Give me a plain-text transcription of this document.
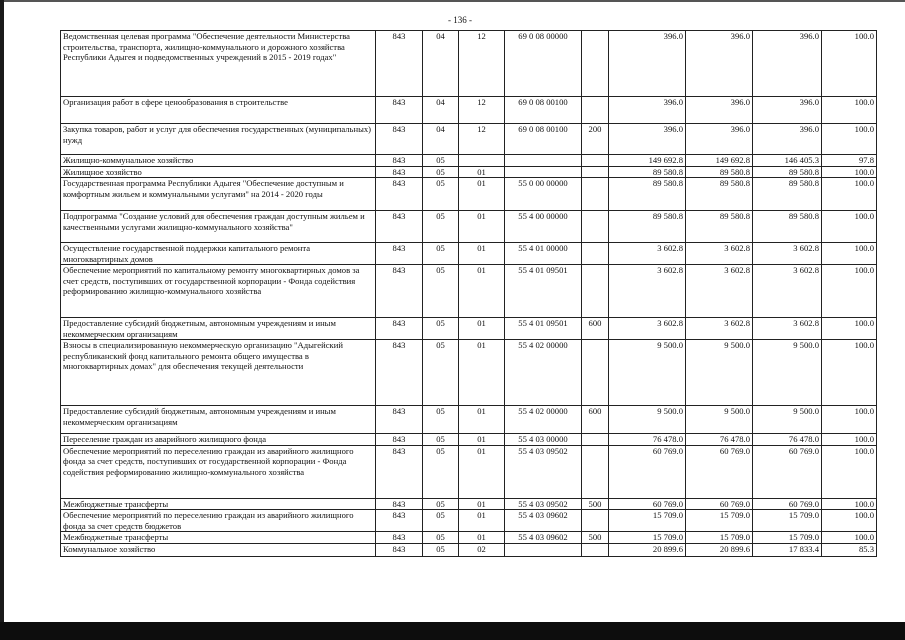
- 136 -
Ведомственная целевая программа "Обеспечение деятельности Министерства строительства, транспорта, жилищно-коммунального и дорожного хозяйства Республики Адыгея и подведомственных учреждений в 2015 - 2019 годах"	843	04	12	69 0 08 00000		396.0	396.0	396.0	100.0
Организация работ в сфере ценообразования в строительстве	843	04	12	69 0 08 00100		396.0	396.0	396.0	100.0
Закупка товаров, работ и услуг для обеспечения государственных (муниципальных) нужд	843	04	12	69 0 08 00100	200	396.0	396.0	396.0	100.0
Жилищно-коммунальное хозяйство	843	05				149 692.8	149 692.8	146 405.3	97.8
Жилищное хозяйство	843	05	01			89 580.8	89 580.8	89 580.8	100.0
Государственная программа Республики Адыгея "Обеспечение доступным и комфортным жильем и коммунальными услугами" на 2014 - 2020 годы	843	05	01	55 0 00 00000		89 580.8	89 580.8	89 580.8	100.0
Подпрограмма "Создание условий для обеспечения граждан доступным жильем и качественными услугами жилищно-коммунального хозяйства"	843	05	01	55 4 00 00000		89 580.8	89 580.8	89 580.8	100.0
Осуществление государственной поддержки капитального ремонта многоквартирных домов	843	05	01	55 4 01 00000		3 602.8	3 602.8	3 602.8	100.0
Обеспечение мероприятий по капитальному ремонту многоквартирных домов за счет средств, поступивших от государственной корпорации - Фонда содействия реформированию жилищно-коммунального хозяйства	843	05	01	55 4 01 09501		3 602.8	3 602.8	3 602.8	100.0
Предоставление субсидий бюджетным, автономным учреждениям и иным некоммерческим организациям	843	05	01	55 4 01 09501	600	3 602.8	3 602.8	3 602.8	100.0
Взносы в специализированную некоммерческую организацию "Адыгейский республиканский фонд капитального ремонта общего имущества в многоквартирных домах" для обеспечения текущей деятельности	843	05	01	55 4 02 00000		9 500.0	9 500.0	9 500.0	100.0
Предоставление субсидий бюджетным, автономным учреждениям и иным некоммерческим организациям	843	05	01	55 4 02 00000	600	9 500.0	9 500.0	9 500.0	100.0
Переселение граждан из аварийного жилищного фонда	843	05	01	55 4 03 00000		76 478.0	76 478.0	76 478.0	100.0
Обеспечение мероприятий по переселению граждан из аварийного жилищного фонда за счет средств, поступивших от государственной корпорации - Фонда содействия реформированию жилищно-коммунального хозяйства	843	05	01	55 4 03 09502		60 769.0	60 769.0	60 769.0	100.0
Межбюджетные трансферты	843	05	01	55 4 03 09502	500	60 769.0	60 769.0	60 769.0	100.0
Обеспечение мероприятий по переселению граждан из аварийного жилищного фонда за счет средств бюджетов	843	05	01	55 4 03 09602		15 709.0	15 709.0	15 709.0	100.0
Межбюджетные трансферты	843	05	01	55 4 03 09602	500	15 709.0	15 709.0	15 709.0	100.0
Коммунальное хозяйство	843	05	02			20 899.6	20 899.6	17 833.4	85.3
